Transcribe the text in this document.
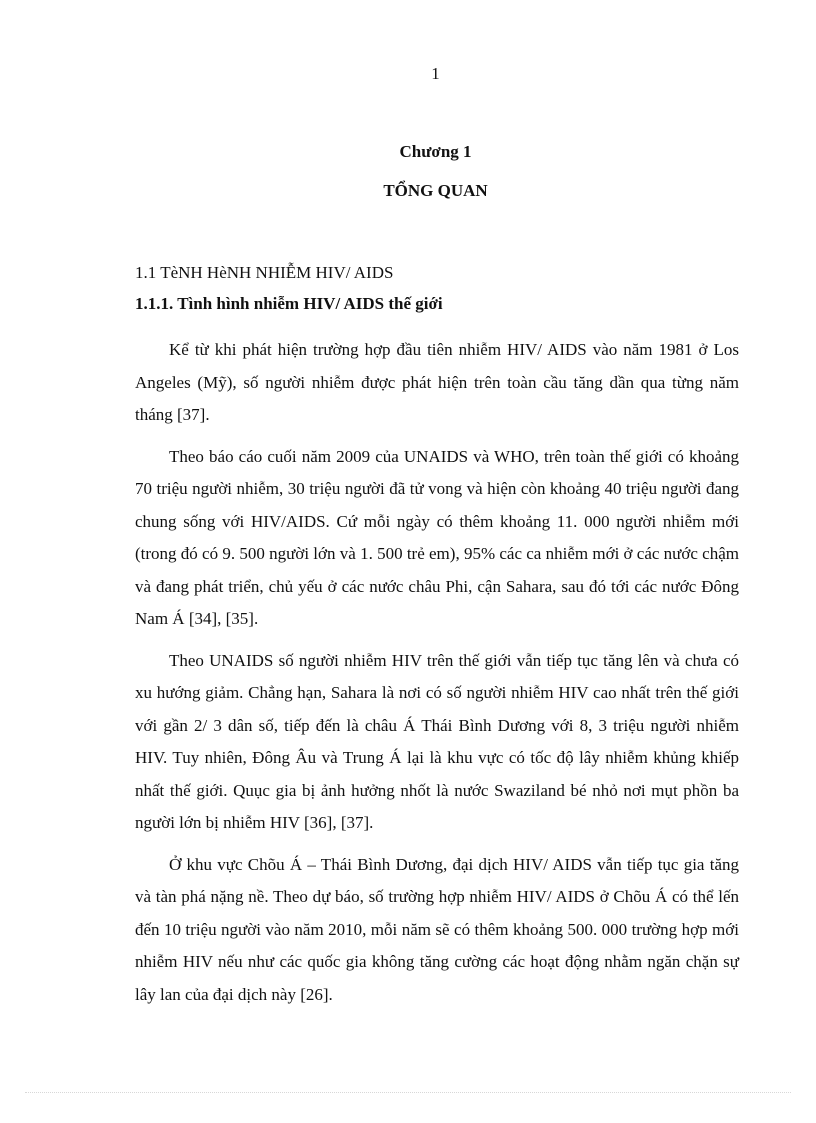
1
Chương 1
TỔNG QUAN
1.1 TèNH HèNH NHIỄM HIV/ AIDS
1.1.1. Tình hình nhiễm HIV/ AIDS thế giới

Kể từ khi phát hiện trường hợp đầu tiên nhiễm HIV/ AIDS vào năm 1981 ở Los Angeles (Mỹ), số người nhiễm được phát hiện trên toàn cầu tăng dần qua từng năm tháng [37].

Theo báo cáo cuối năm 2009 của UNAIDS và WHO, trên toàn thế giới có khoảng 70 triệu người nhiễm, 30 triệu người đã tử vong và hiện còn khoảng 40 triệu người đang chung sống với HIV/AIDS. Cứ mỗi ngày có thêm khoảng 11. 000 người nhiễm mới (trong đó có 9. 500 người lớn và 1. 500 trẻ em), 95% các ca nhiễm mới ở các nước chậm và đang phát triển, chủ yếu ở các nước châu Phi, cận Sahara, sau đó tới các nước Đông Nam Á [34], [35].

Theo UNAIDS số người nhiễm HIV trên thế giới vẫn tiếp tục tăng lên và chưa có xu hướng giảm. Chẳng hạn, Sahara là nơi có số người nhiễm HIV cao nhất trên thế giới với gần 2/ 3 dân số, tiếp đến là châu Á Thái Bình Dương với 8, 3 triệu người nhiễm HIV. Tuy nhiên, Đông Âu và Trung Á lại là khu vực có tốc độ lây nhiễm khủng khiếp nhất thế giới. Quục gia bị ảnh hưởng nhốt là nước Swaziland bé nhỏ nơi mụt phồn ba người lớn bị nhiễm HIV [36], [37].

Ở khu vực Chõu Á – Thái Bình Dương, đại dịch HIV/ AIDS vẫn tiếp tục gia tăng và tàn phá nặng nề. Theo dự báo, số trường hợp nhiễm HIV/ AIDS ở Chõu Á có thể lến đến 10 triệu người vào năm 2010, mỗi năm sẽ có thêm khoảng 500. 000 trường hợp mới nhiễm HIV nếu như các quốc gia không tăng cường các hoạt động nhằm ngăn chặn sự lây lan của đại dịch này [26].
